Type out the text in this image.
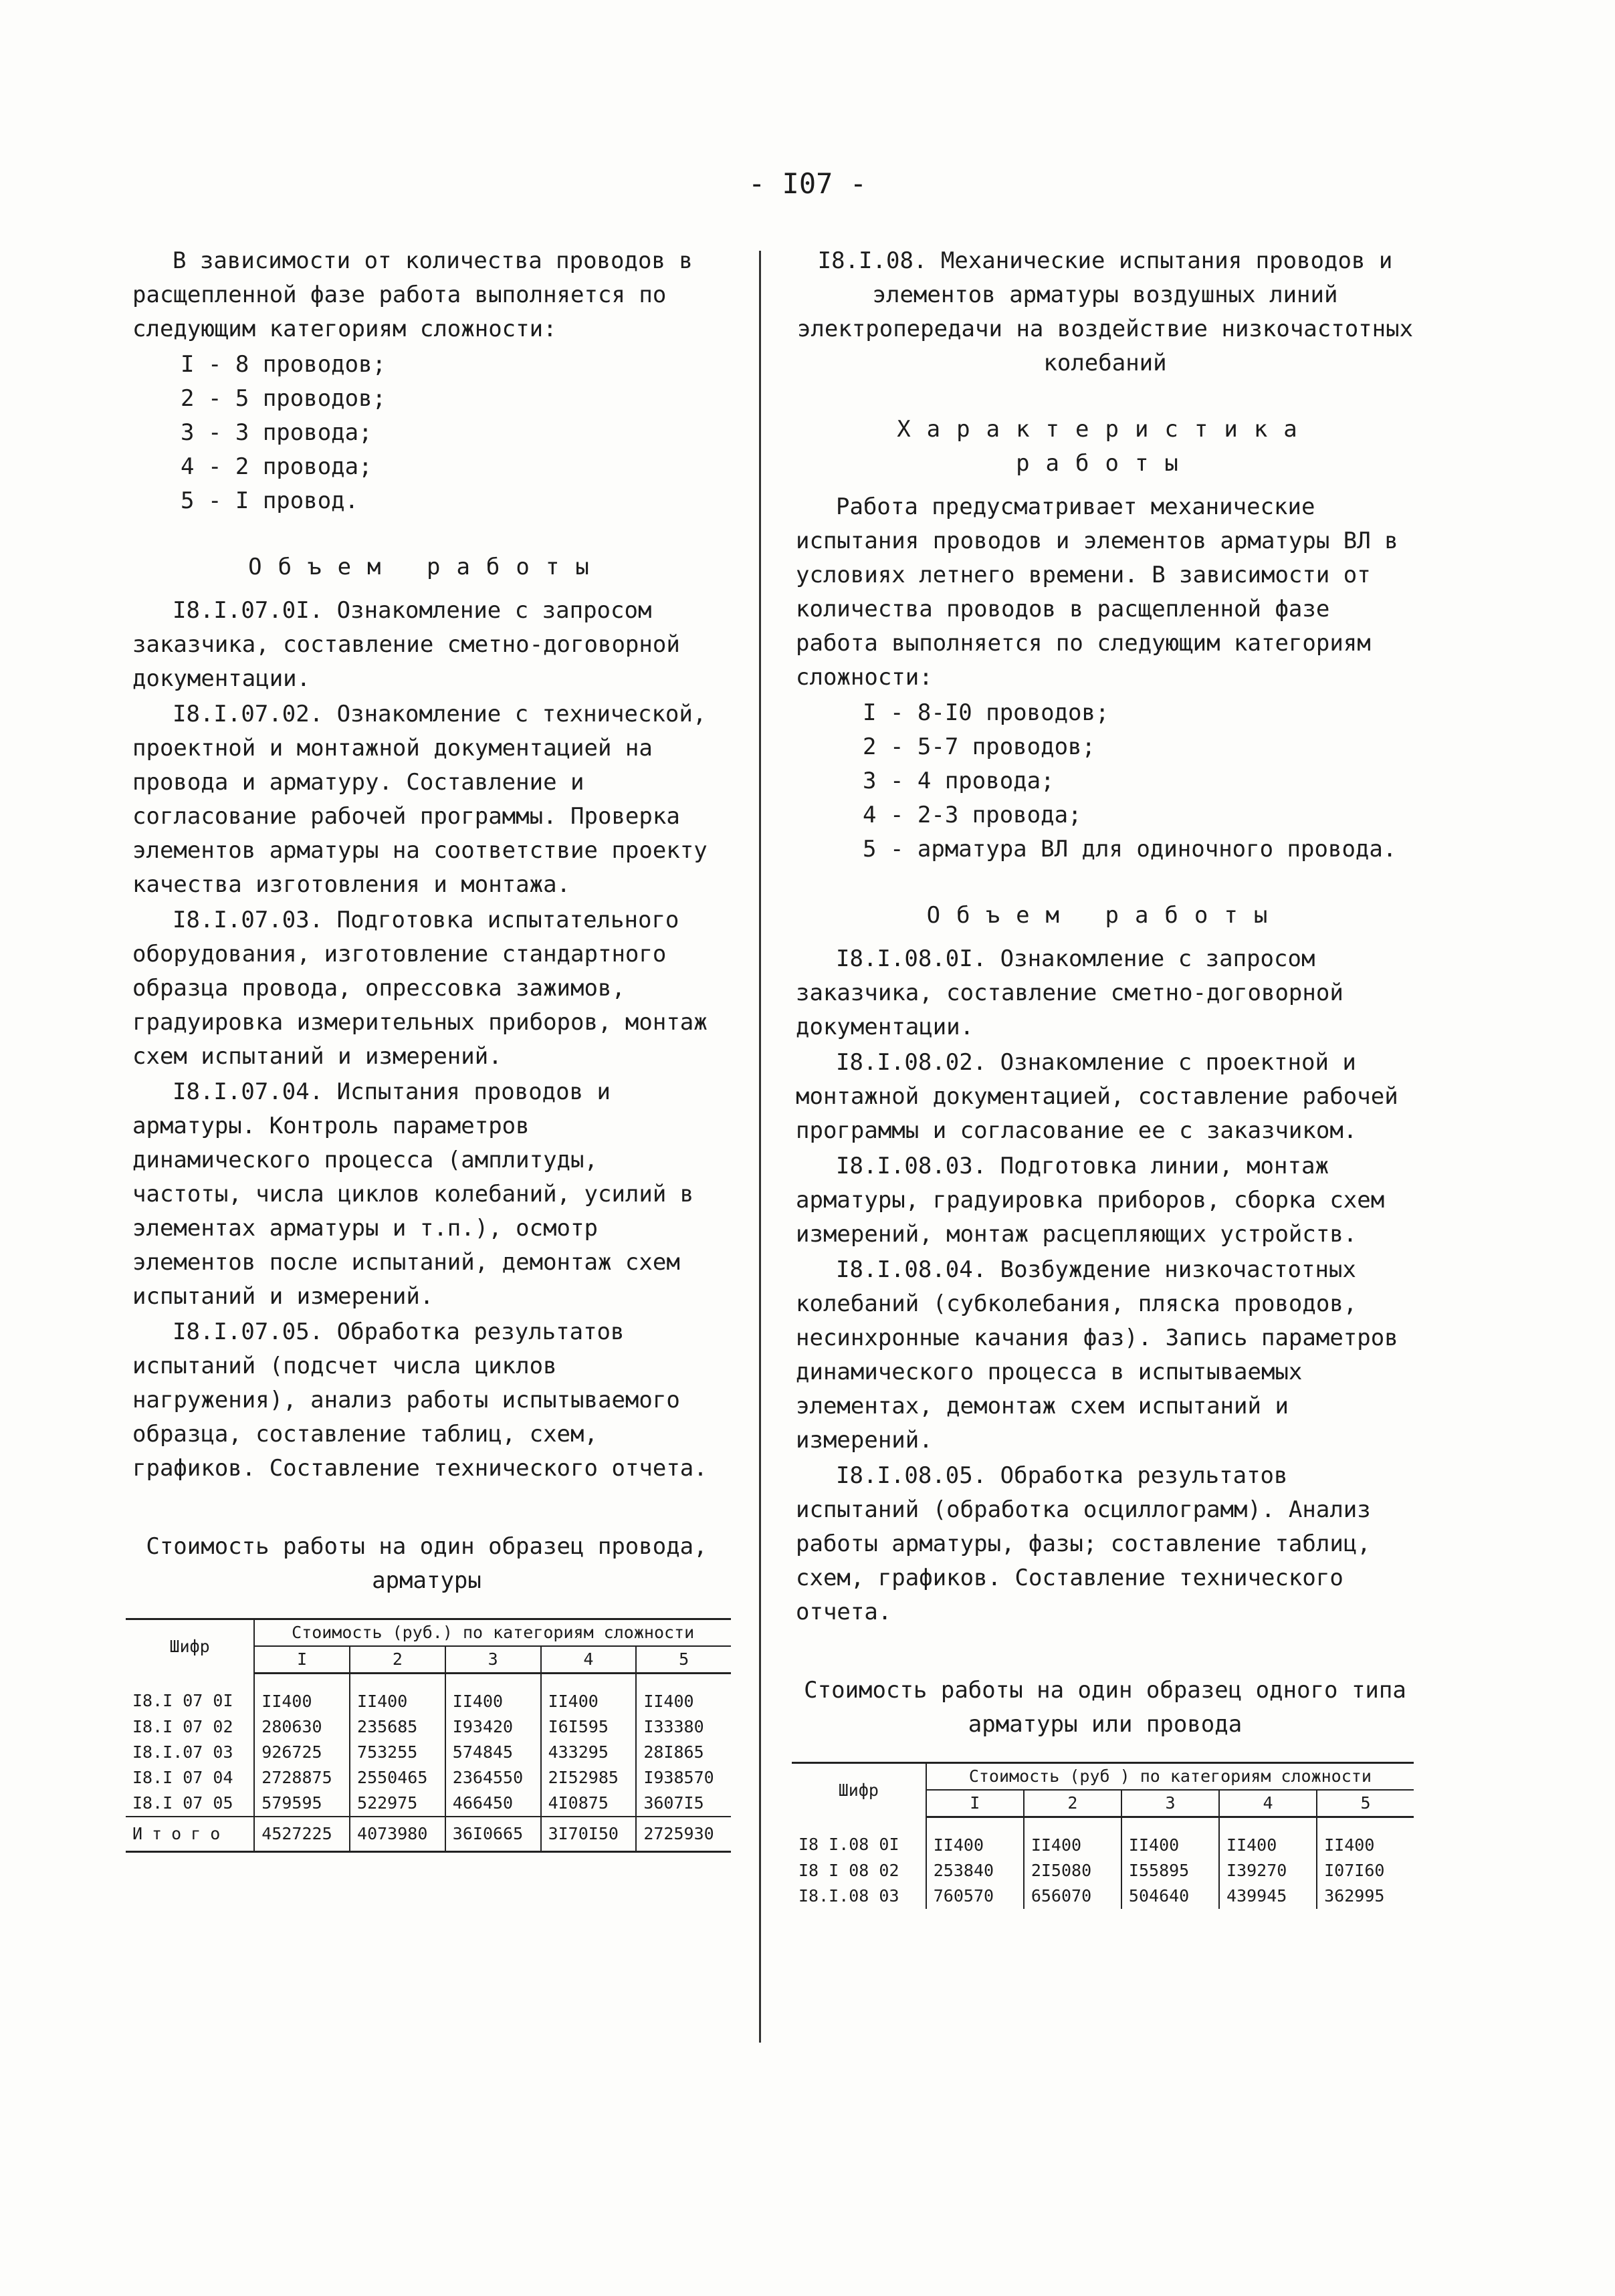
- I07 -

В зависимости от количества проводов в расщепленной фазе работа выполняется по следующим категориям сложности:

I - 8 проводов;
2 - 5 проводов;
3 - 3 провода;
4 - 2 провода;
5 - I провод.

Объем работы

I8.I.07.0I. Ознакомление с запросом заказчика, составление сметно-договорной документации.

I8.I.07.02. Ознакомление с технической, проектной и монтажной документацией на провода и арматуру. Составление и согласование рабочей программы. Проверка элементов арматуры на соответствие проекту качества изготовления и монтажа.

I8.I.07.03. Подготовка испытательного оборудования, изготовление стандартного образца провода, опрессовка зажимов, градуировка измерительных приборов, монтаж схем испытаний и измерений.

I8.I.07.04. Испытания проводов и арматуры. Контроль параметров динамического процесса (амплитуды, частоты, числа циклов колебаний, усилий в элементах арматуры и т.п.), осмотр элементов после испытаний, демонтаж схем испытаний и измерений.

I8.I.07.05. Обработка результатов испытаний (подсчет числа циклов нагружения), анализ работы испытываемого образца, составление таблиц, схем, графиков. Составление технического отчета.

Стоимость работы на один образец провода, арматуры

Шифр	Стоимость (руб.) по категориям сложности				
	I	2	3	4	5
I8.I 07 0I	II400	II400	II400	II400	II400
I8.I 07 02	280630	235685	I93420	I6I595	I33380
I8.I.07 03	926725	753255	574845	433295	28I865
I8.I 07 04	2728875	2550465	2364550	2I52985	I938570
I8.I 07 05	579595	522975	466450	4I0875	3607I5
Итого	4527225	4073980	36I0665	3I70I50	2725930

I8.I.08. Механические испытания проводов и элементов арматуры воздушных линий электропередачи на воздействие низкочастотных колебаний

Характеристика работы

Работа предусматривает механические испытания проводов и элементов арматуры ВЛ в условиях летнего времени. В зависимости от количества проводов в расщепленной фазе работа выполняется по следующим категориям сложности:

I - 8-I0 проводов;
2 - 5-7 проводов;
3 - 4 провода;
4 - 2-3 провода;
5 - арматура ВЛ для одиночного провода.

Объем работы

I8.I.08.0I. Ознакомление с запросом заказчика, составление сметно-договорной документации.

I8.I.08.02. Ознакомление с проектной и монтажной документацией, составление рабочей программы и согласование ее с заказчиком.

I8.I.08.03. Подготовка линии, монтаж арматуры, градуировка приборов, сборка схем измерений, монтаж расцепляющих устройств.

I8.I.08.04. Возбуждение низкочастотных колебаний (субколебания, пляска проводов, несинхронные качания фаз). Запись параметров динамического процесса в испытываемых элементах, демонтаж схем испытаний и измерений.

I8.I.08.05. Обработка результатов испытаний (обработка осциллограмм). Анализ работы арматуры, фазы; составление таблиц, схем, графиков. Составление технического отчета.

Стоимость работы на один образец одного типа арматуры или провода

Шифр	Стоимость (руб ) по категориям сложности				
	I	2	3	4	5
I8 I.08 0I	II400	II400	II400	II400	II400
I8 I 08 02	253840	2I5080	I55895	I39270	I07I60
I8.I.08 03	760570	656070	504640	439945	362995
